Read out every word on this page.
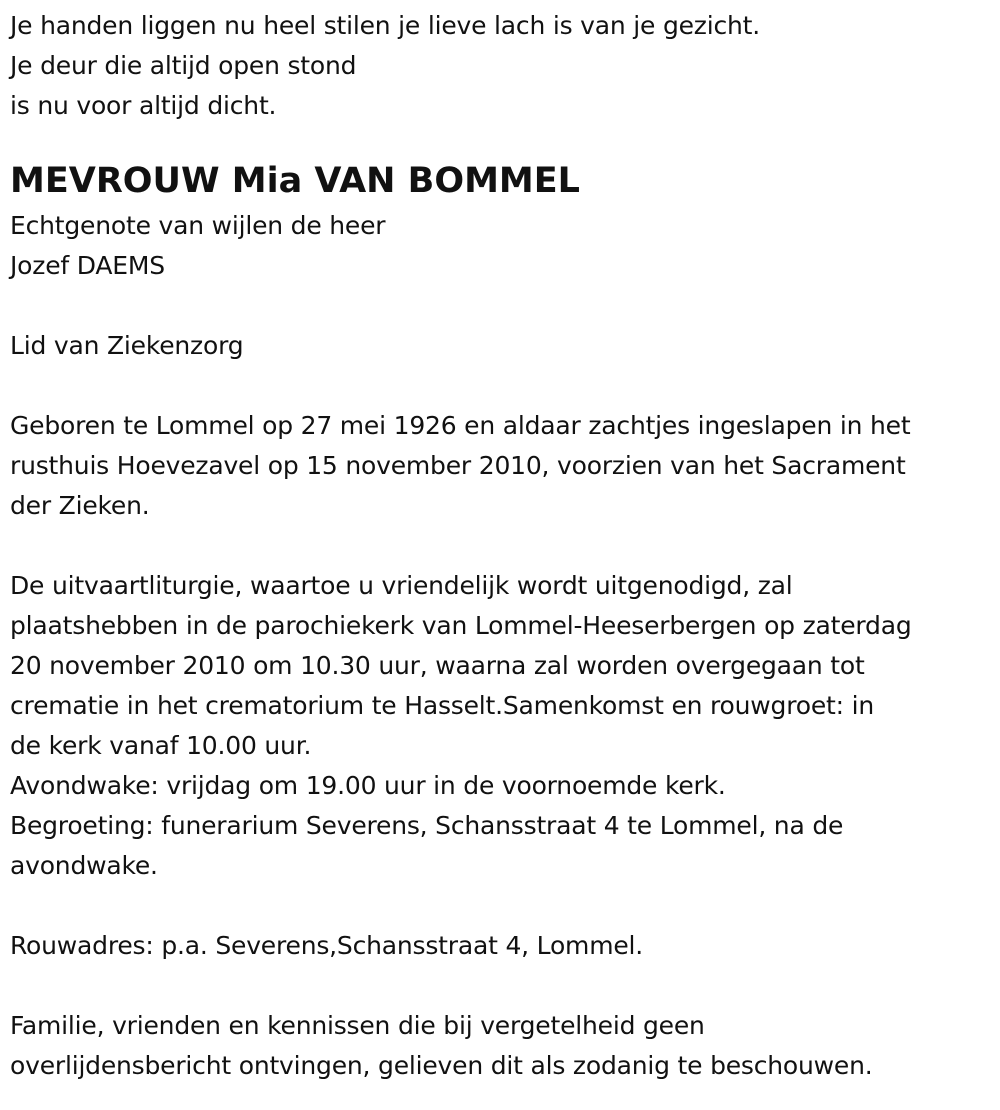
Je handen liggen nu heel stilen je lieve lach is van je gezicht.
Je deur die altijd open stond
is nu voor altijd dicht.
MEVROUW Mia VAN BOMMEL
Echtgenote van wijlen de heer
Jozef DAEMS
Lid van Ziekenzorg
Geboren te Lommel op 27 mei 1926 en aldaar zachtjes ingeslapen in het
rusthuis Hoevezavel op 15 november 2010, voorzien van het Sacrament
der Zieken.
De uitvaartliturgie, waartoe u vriendelijk wordt uitgenodigd, zal
plaatshebben in de parochiekerk van Lommel-Heeserbergen op zaterdag
20 november 2010 om 10.30 uur, waarna zal worden overgegaan tot
crematie in het crematorium te Hasselt.Samenkomst en rouwgroet: in
de kerk vanaf 10.00 uur.
Avondwake: vrijdag om 19.00 uur in de voornoemde kerk.
Begroeting: funerarium Severens, Schansstraat 4 te Lommel, na de
avondwake.
Rouwadres: p.a. Severens,Schansstraat 4, Lommel.
Familie, vrienden en kennissen die bij vergetelheid geen
overlijdensbericht ontvingen, gelieven dit als zodanig te beschouwen.
